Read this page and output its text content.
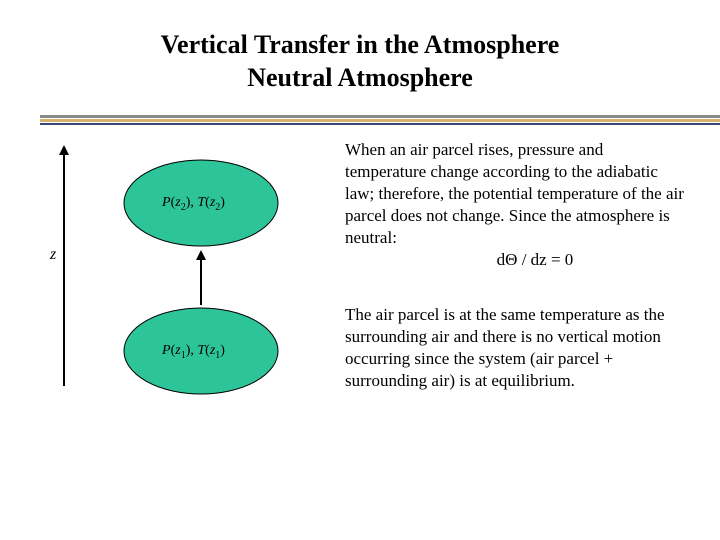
Vertical Transfer in the Atmosphere
Neutral Atmosphere
z
$P(z_2)$, $T(z_2)$
$P(z_1)$, $T(z_1)$
When an air parcel rises, pressure and temperature change according to the adiabatic law; therefore, the potential temperature of the air parcel does not change. Since the atmosphere is neutral:
dΘ / dz = 0
The air parcel is at the same temperature as the surrounding air and there is no vertical motion occurring since the system (air parcel + surrounding air) is at equilibrium.
